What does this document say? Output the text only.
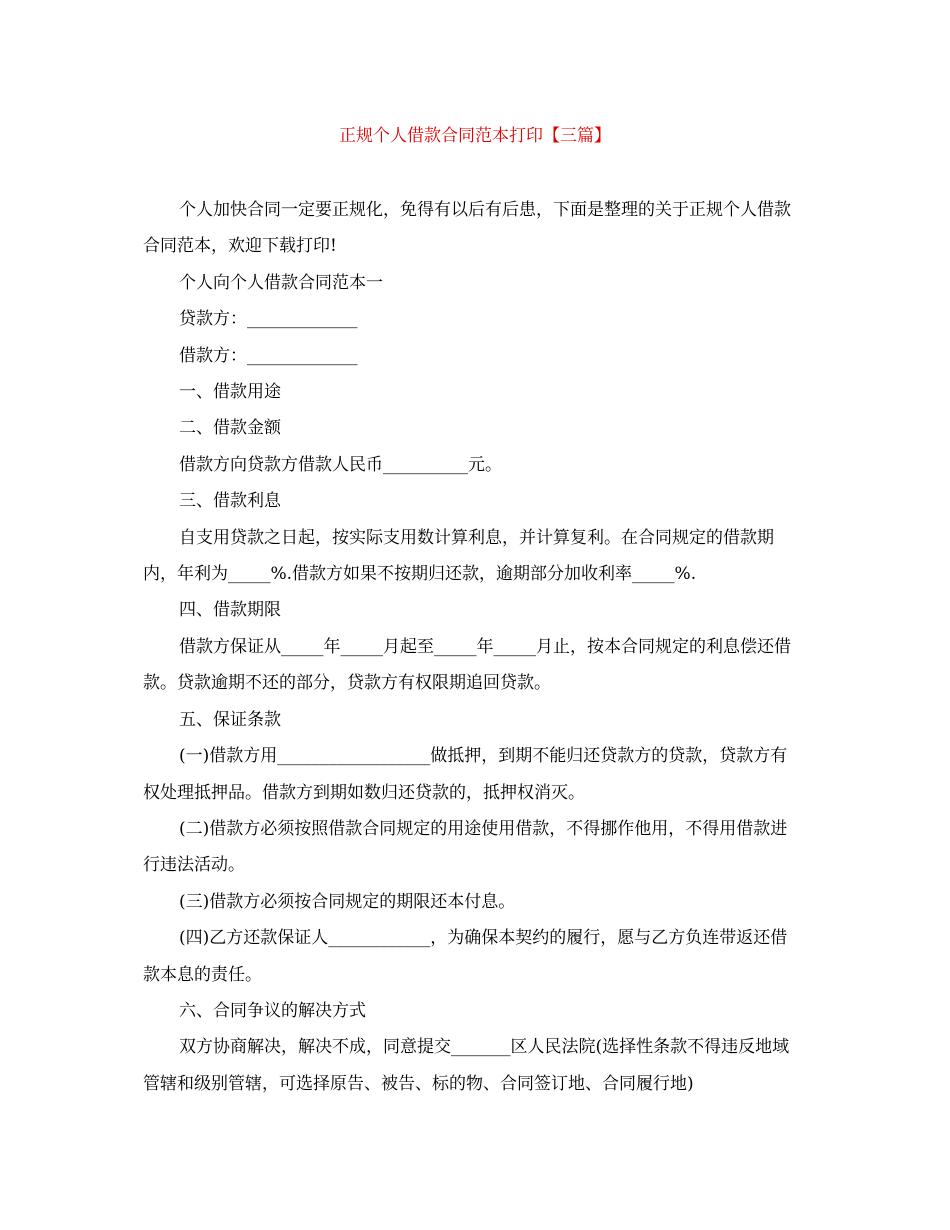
正规个人借款合同范本打印【三篇】

个人加快合同一定要正规化，免得有以后有后患，下面是整理的关于正规个人借款合同范本，欢迎下载打印!

个人向个人借款合同范本一

贷款方：_____________

借款方：_____________

一、借款用途

二、借款金额

借款方向贷款方借款人民币__________元。

三、借款利息

自支用贷款之日起，按实际支用数计算利息，并计算复利。在合同规定的借款期内，年利为_____%.借款方如果不按期归还款，逾期部分加收利率_____%.

四、借款期限

借款方保证从_____年_____月起至_____年_____月止，按本合同规定的利息偿还借款。贷款逾期不还的部分，贷款方有权限期追回贷款。

五、保证条款

(一)借款方用__________________做抵押，到期不能归还贷款方的贷款，贷款方有权处理抵押品。借款方到期如数归还贷款的，抵押权消灭。

(二)借款方必须按照借款合同规定的用途使用借款，不得挪作他用，不得用借款进行违法活动。

(三)借款方必须按合同规定的期限还本付息。

(四)乙方还款保证人____________，为确保本契约的履行，愿与乙方负连带返还借款本息的责任。

六、合同争议的解决方式

双方协商解决，解决不成，同意提交_______区人民法院(选择性条款不得违反地域管辖和级别管辖，可选择原告、被告、标的物、合同签订地、合同履行地)
